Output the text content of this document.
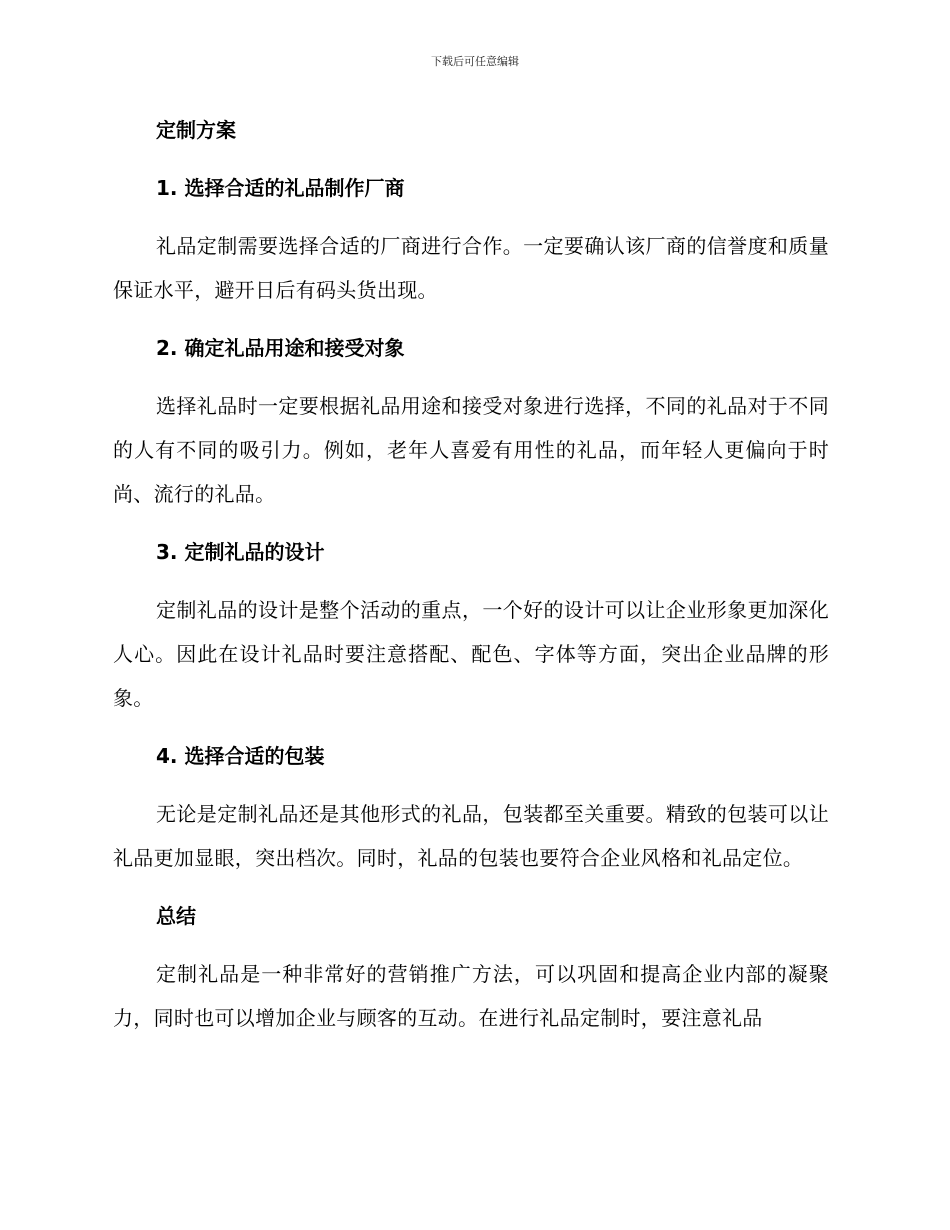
下载后可任意编辑
定制方案
1. 选择合适的礼品制作厂商
礼品定制需要选择合适的厂商进行合作。一定要确认该厂商的信誉度和质量保证水平，避开日后有码头货出现。
2. 确定礼品用途和接受对象
选择礼品时一定要根据礼品用途和接受对象进行选择，不同的礼品对于不同的人有不同的吸引力。例如，老年人喜爱有用性的礼品，而年轻人更偏向于时尚、流行的礼品。
3. 定制礼品的设计
定制礼品的设计是整个活动的重点，一个好的设计可以让企业形象更加深化人心。因此在设计礼品时要注意搭配、配色、字体等方面，突出企业品牌的形象。
4. 选择合适的包装
无论是定制礼品还是其他形式的礼品，包装都至关重要。精致的包装可以让礼品更加显眼，突出档次。同时，礼品的包装也要符合企业风格和礼品定位。
总结
定制礼品是一种非常好的营销推广方法，可以巩固和提高企业内部的凝聚力，同时也可以增加企业与顾客的互动。在进行礼品定制时，要注意礼品
